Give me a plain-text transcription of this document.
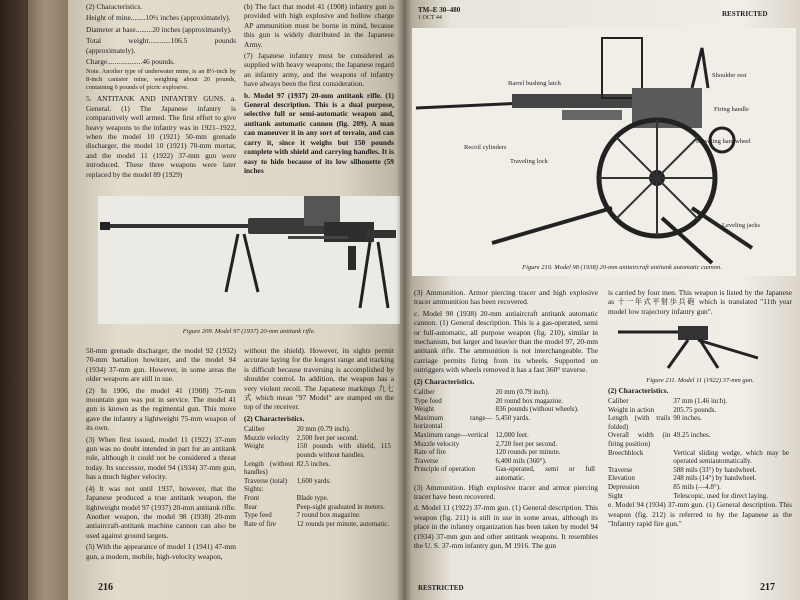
(2) Characteristics.

Height of mine........10½ inches (approximately).

Diameter at base.........20 inches (approximately).

Total weight............106.5 pounds (approximately).

Charge...................46 pounds.

Note. Another type of underwater mine, is an 8½-inch by 8-inch canister mine, weighing about 20 pounds, containing 6 pounds of picric explosive.

5. ANTITANK AND INFANTRY GUNS. a. General. (1) The Japanese infantry is comparatively well armed. The first effort to give heavy weapons to the infantry was in 1921–1922, when the model 10 (1921) 50-mm grenade discharger, the model 10 (1921) 70-mm mortar, and the model 11 (1922) 37-mm gun were introduced. These three weapons were later replaced by the model 89 (1929)

(b) The fact that model 41 (1908) infantry gun is provided with high explosive and hollow charge AP ammunition must be borne in mind, because this gun is widely distributed in the Japanese Army.

(7) Japanese infantry must be considered as supplied with heavy weapons; the Japanese regard an infantry army, and the weapons of infantry have always been the first consideration.

b. Model 97 (1937) 20-mm antitank rifle. (1) General description. This is a dual purpose, selective full or semi-automatic weapon and, antitank automatic cannon (fig. 209). A man can maneuver it in any sort of terrain, and can carry it, since it weighs but 150 pounds complete with shield and carrying handles. It is easy to hide because of its low silhouette (59 inches

Figure 209. Model 97 (1937) 20-mm antitank rifle.

50-mm grenade discharger, the model 92 (1932) 70-mm battalion howitzer, and the model 94 (1934) 37-mm gun. However, in some areas the older weapons are still in use.

(2) In 1906, the model 41 (1908) 75-mm mountain gun was put in service. The model 41 gun is known as the regimental gun. This move gave the infantry a lightweight 75-mm weapon of its own.

(3) When first issued, model 11 (1922) 37-mm gun was no doubt intended in part for an antitank role, although it could not be considered a threat today. Its successor, model 94 (1934) 37-mm gun, has a much higher velocity.

(4) It was not until 1937, however, that the Japanese produced a true antitank weapon, the lightweight model 97 (1937) 20-mm antitank rifle. Another weapon, the model 98 (1938) 20-mm antiaircraft-antitank machine cannon can also be used against ground targets.

(5) With the appearance of model 1 (1941) 47-mm gun, a modern, mobile, high-velocity weapon,

without the shield). However, its sights permit accurate laying for the longest range and tracking is difficult because traversing is accomplished by shoulder control. In addition, the weapon has a very violent recoil. The Japanese markings 九七式 which mean "97 Model" are stamped on the top of the receiver.

(2) Characteristics.

Caliber	20 mm (0.79 inch).
Muzzle velocity	2,500 feet per second.
Weight	150 pounds with shield, 115 pounds without handles.
Length (without handles)	82.5 inches.
Traverse (total)	1,600 yards.
Sights:	
Front	Blade type.
Rear	Peep-sight graduated in meters.
Type feed	7 round box magazine.
Rate of fire	12 rounds per minute, automatic.
216
TM–E 30–480
1 OCT 44	RESTRICTED
Barrel bushing latch
Recoil cylinders
Traveling lock
Shoulder rest
Firing handle
Elevating handwheel
Leveling jacks
Figure 210. Model 98 (1938) 20-mm antiaircraft antitank automatic cannon.

(3) Ammunition. Armor piercing tracer and high explosive tracer ammunition has been recovered.

c. Model 98 (1938) 20-mm antiaircraft antitank automatic cannon. (1) General description. This is a gas-operated, semi or full-automatic, all purpose weapon (fig. 210), similar in mechanism, but larger and heavier than the model 97, 20-mm antitank rifle. The ammunition is not interchangeable. The carriage permits firing from its wheels. Supported on outriggers with wheels removed it has a fast 360° traverse.

(2) Characteristics.

Caliber	20 mm (0.79 inch).
Type feed	20 round box magazine.
Weight	836 pounds (without wheels).
Maximum range—horizontal	5,450 yards.
Maximum range—vertical	12,000 feet.
Muzzle velocity	2,720 feet per second.
Rate of fire	120 rounds per minute.
Traverse	6,400 mils (360°).
Principle of operation	Gas-operated, semi or full automatic.

(3) Ammunition. High explosive tracer and armor piercing tracer have been recovered.

d. Model 11 (1922) 37-mm gun. (1) General description. This weapon (fig. 211) is still in use in some areas, although its place in the infantry organization has been taken by model 94 (1934) 37-mm gun and other antitank weapons. It resembles the U. S. 37-mm infantry gun, M 1916. The gun

is carried by four men. This weapon is listed by the Japanese as 十一年式平射歩兵砲 which is translated "11th year model low trajectory infantry gun".

Figure 211. Model 11 (1922) 37-mm gun.

(2) Characteristics.

Caliber	37 mm (1.46 inch).
Weight in action	205.75 pounds.
Length (with trails folded)	90 inches.
Overall width (in firing position)	49.25 inches.
Breechblock	Vertical sliding wedge, which may be operated semiautomatically.
Traverse	588 mils (33°) by handwheel.
Elevation	248 mils (14°) by handwheel.
Depression	85 mils (—4.8°).
Sight	Telescopic, used for direct laying.

e. Model 94 (1934) 37-mm gun. (1) General description. This weapon (fig. 212) is referred to by the Japanese as the "Infantry rapid fire gun."

RESTRICTED	217
